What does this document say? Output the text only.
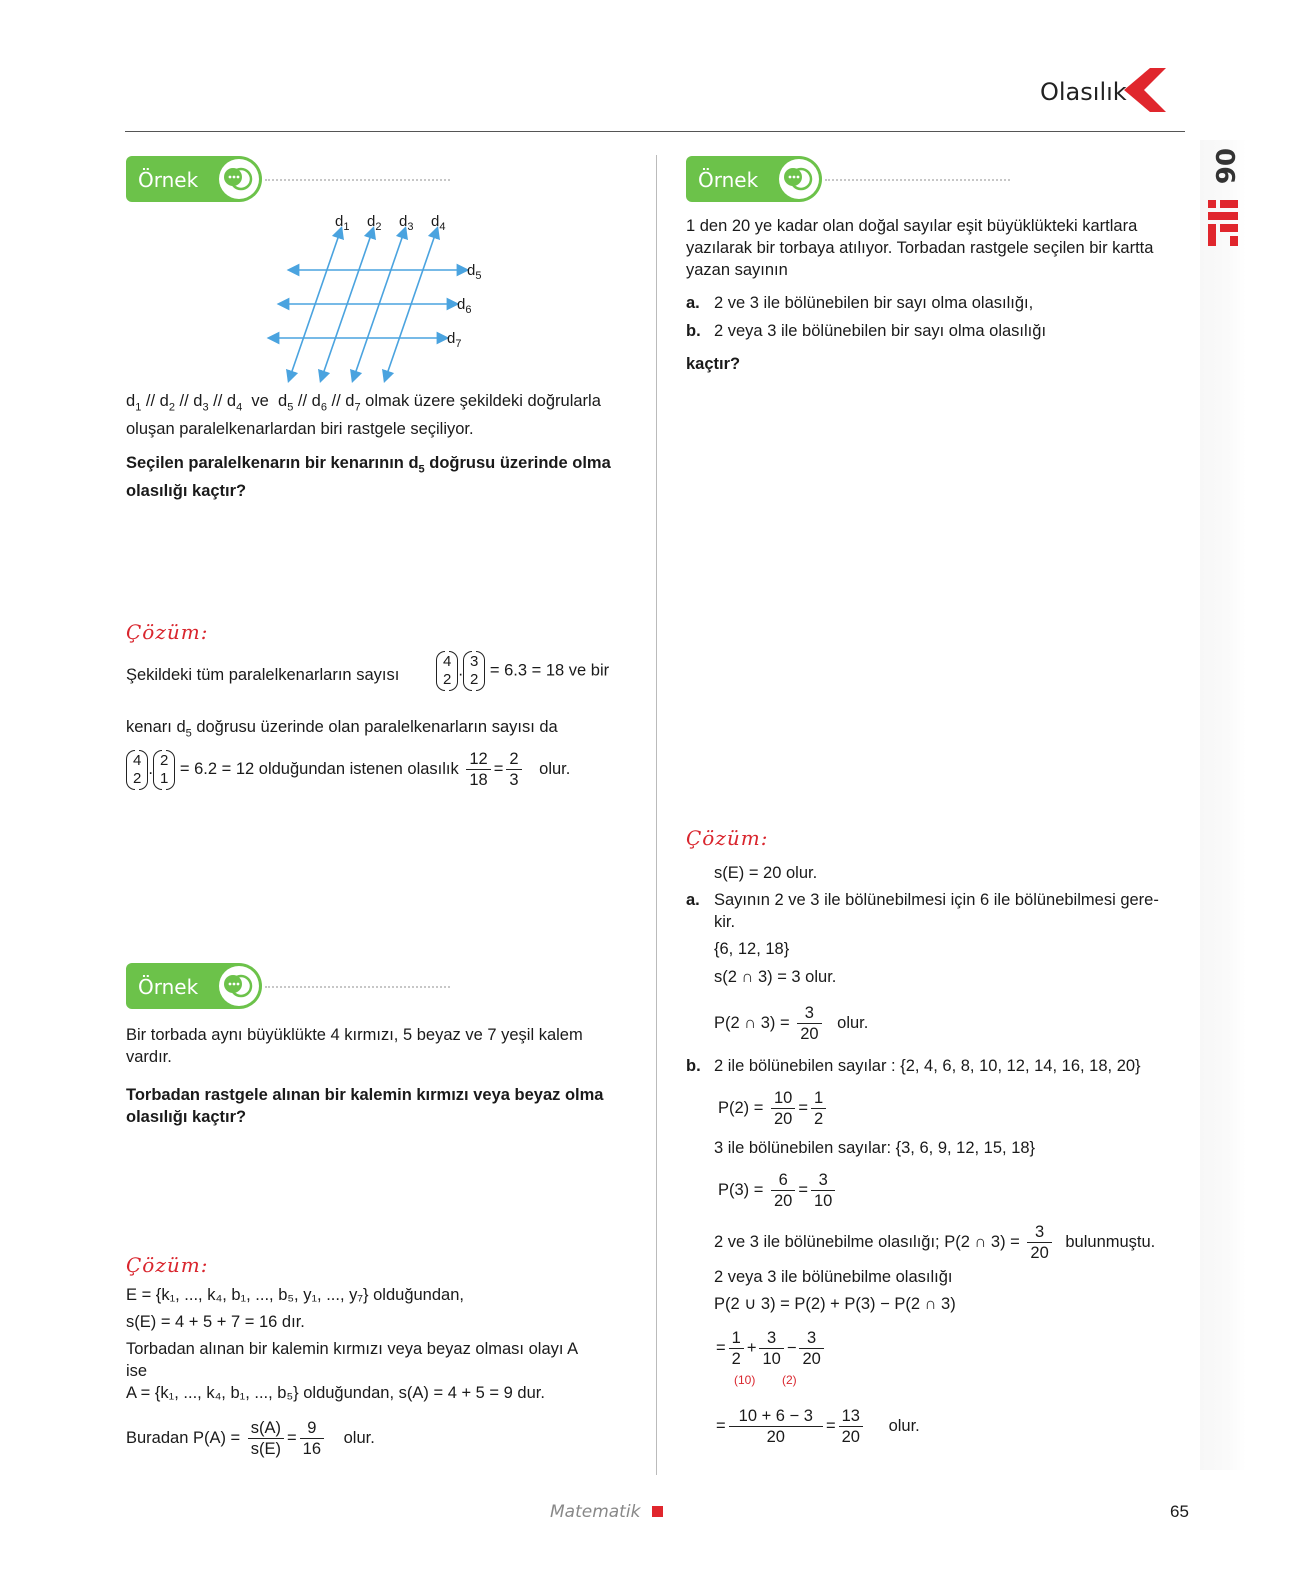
Olasılık
06
Örnek
$d_1$ $d_2$ $d_3$ $d_4$
$d_5$
$d_6$
$d_7$
$d_1 // d_2 // d_3 // d_4$  ve  $d_5 // d_6 // d_7$ olmak üzere şekildeki doğrularla
oluşan paralelkenarlardan biri rastgele seçiliyor.
Seçilen paralelkenarın bir kenarının $d_5$ doğrusu üzerinde olma
olasılığı kaçtır?
Çözüm:
Şekildeki tüm paralelkenarların sayısı
4
2
. 3
2
= 6.3 = 18 ve bir
kenarı $d_5$ doğrusu üzerinde olan paralelkenarların sayısı da
4
2
. 2
1
= 6.2 = 12 olduğundan istenen olasılık $\frac{12}{18} = \frac{2}{3}$ olur.
Örnek
Bir torbada aynı büyüklükte 4 kırmızı, 5 beyaz ve 7 yeşil kalem
vardır.
Torbadan rastgele alınan bir kalemin kırmızı veya beyaz olma
olasılığı kaçtır?
Çözüm:
E = {k₁, ..., k₄, b₁, ..., b₅, y₁, ..., y₇} olduğundan,
s(E) = 4 + 5 + 7 = 16 dır.
Torbadan alınan bir kalemin kırmızı veya beyaz olması olayı A
ise
A = {k₁, ..., k₄, b₁, ..., b₅} olduğundan, s(A) = 4 + 5 = 9 dur.
Buradan $P(A) = \frac{s(A)}{s(E)} = \frac{9}{16}$ olur.
Örnek
1 den 20 ye kadar olan doğal sayılar eşit büyüklükteki kartlara
yazılarak bir torbaya atılıyor. Torbadan rastgele seçilen bir kartta
yazan sayının
a. 2 ve 3 ile bölünebilen bir sayı olma olasılığı,
b. 2 veya 3 ile bölünebilen bir sayı olma olasılığı
kaçtır?
Çözüm:
s(E) = 20 olur.
a. Sayının 2 ve 3 ile bölünebilmesi için 6 ile bölünebilmesi gere-
kir.
{6, 12, 18}
s(2 ∩ 3) = 3 olur.
P(2 ∩ $3) = \frac{3}{20}$ olur.
b. 2 ile bölünebilen sayılar : {2, 4, 6, 8, 10, 12, 14, 16, 18, 20}
$P(2) = \frac{10}{20} = \frac{1}{2}$
3 ile bölünebilen sayılar: {3, 6, 9, 12, 15, 18}
$P(3) = \frac{6}{20} = \frac{3}{10}$
2 ve 3 ile bölünebilme olasılığı; P(2 ∩ $3) = \frac{3}{20}$ bulunmuştu.
2 veya 3 ile bölünebilme olasılığı
P(2 ∪ 3) = P(2) + P(3) − P(2 ∩ 3)
= $\frac{1}{2} + \frac{3}{10} - \frac{3}{20}$
(10) (2)
= $\frac{10 + 6 - 3}{20} = \frac{13}{20}$ olur.
Matematik	65
